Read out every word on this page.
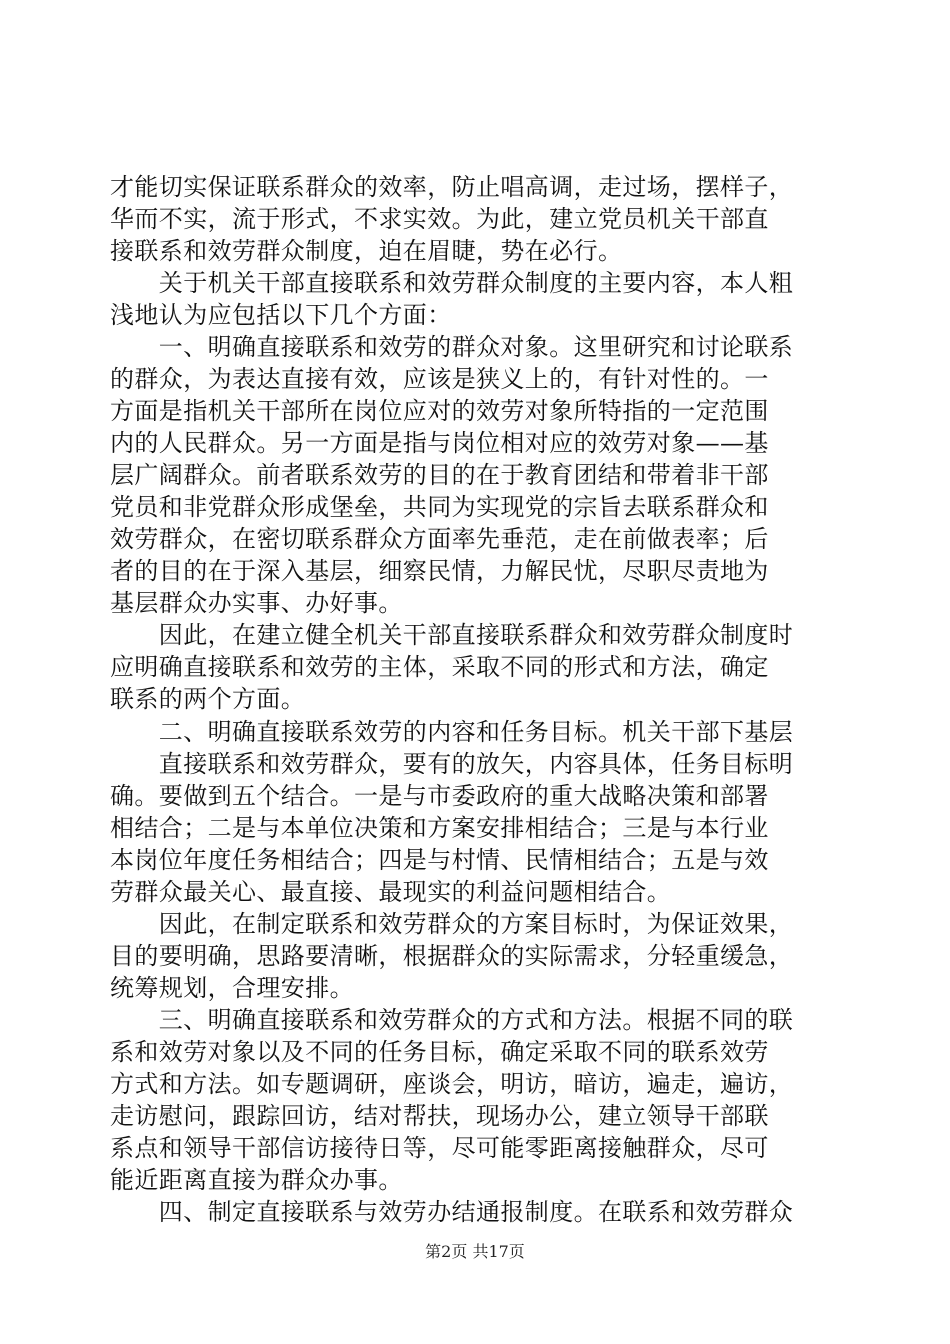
才能切实保证联系群众的效率，防止唱高调，走过场，摆样子，
华而不实，流于形式，不求实效。为此，建立党员机关干部直
接联系和效劳群众制度，迫在眉睫，势在必行。
　　关于机关干部直接联系和效劳群众制度的主要内容，本人粗
浅地认为应包括以下几个方面：
　　一、明确直接联系和效劳的群众对象。这里研究和讨论联系
的群众，为表达直接有效，应该是狭义上的，有针对性的。一
方面是指机关干部所在岗位应对的效劳对象所特指的一定范围
内的人民群众。另一方面是指与岗位相对应的效劳对象——基
层广阔群众。前者联系效劳的目的在于教育团结和带着非干部
党员和非党群众形成堡垒，共同为实现党的宗旨去联系群众和
效劳群众，在密切联系群众方面率先垂范，走在前做表率；后
者的目的在于深入基层，细察民情，力解民忧，尽职尽责地为
基层群众办实事、办好事。
　　因此，在建立健全机关干部直接联系群众和效劳群众制度时
应明确直接联系和效劳的主体，采取不同的形式和方法，确定
联系的两个方面。
　　二、明确直接联系效劳的内容和任务目标。机关干部下基层
　　直接联系和效劳群众，要有的放矢，内容具体，任务目标明
确。要做到五个结合。一是与市委政府的重大战略决策和部署
相结合；二是与本单位决策和方案安排相结合；三是与本行业
本岗位年度任务相结合；四是与村情、民情相结合；五是与效
劳群众最关心、最直接、最现实的利益问题相结合。
　　因此，在制定联系和效劳群众的方案目标时，为保证效果，
目的要明确，思路要清晰，根据群众的实际需求，分轻重缓急，
统筹规划，合理安排。
　　三、明确直接联系和效劳群众的方式和方法。根据不同的联
系和效劳对象以及不同的任务目标，确定采取不同的联系效劳
方式和方法。如专题调研，座谈会，明访，暗访，遍走，遍访，
走访慰问，跟踪回访，结对帮扶，现场办公，建立领导干部联
系点和领导干部信访接待日等，尽可能零距离接触群众，尽可
能近距离直接为群众办事。
　　四、制定直接联系与效劳办结通报制度。在联系和效劳群众
第2页 共17页
